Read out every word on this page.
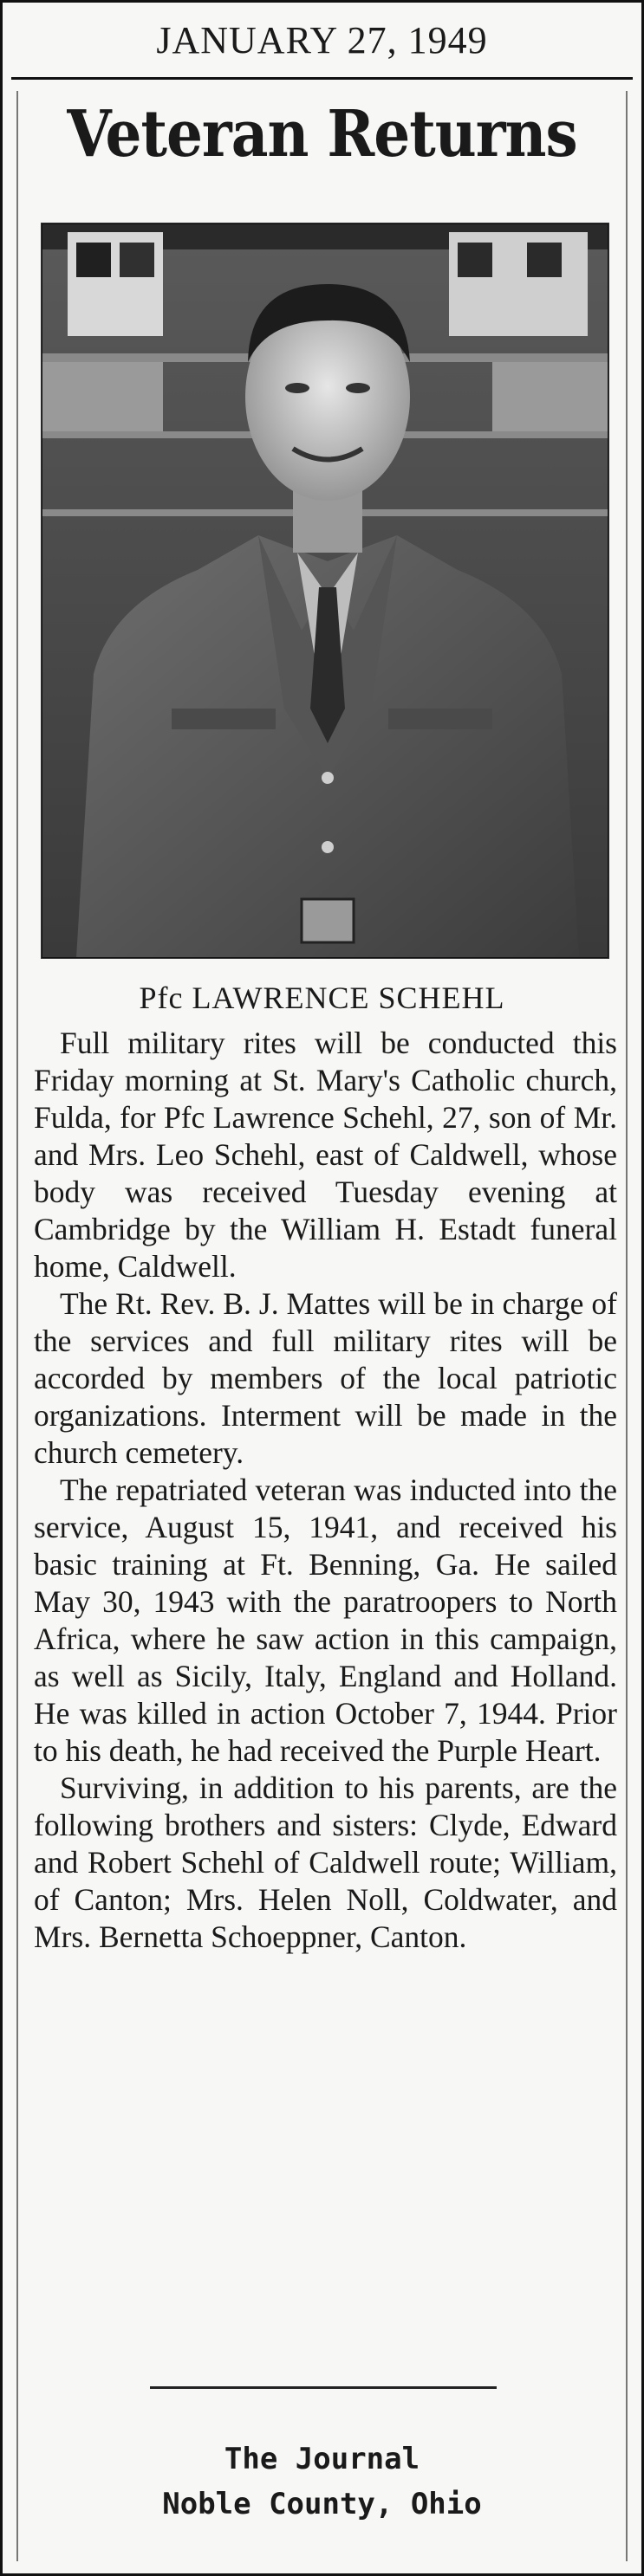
JANUARY 27, 1949
Veteran Returns
Pfc LAWRENCE SCHEHL

Full military rites will be conducted this Friday morning at St. Mary's Catholic church, Fulda, for Pfc Lawrence Schehl, 27, son of Mr. and Mrs. Leo Schehl, east of Caldwell, whose body was received Tuesday evening at Cambridge by the William H. Estadt funeral home, Caldwell.

The Rt. Rev. B. J. Mattes will be in charge of the services and full military rites will be accorded by members of the local patriotic organizations. Interment will be made in the church cemetery.

The repatriated veteran was inducted into the service, August 15, 1941, and received his basic training at Ft. Benning, Ga. He sailed May 30, 1943 with the paratroopers to North Africa, where he saw action in this campaign, as well as Sicily, Italy, England and Holland. He was killed in action October 7, 1944. Prior to his death, he had received the Purple Heart.

Surviving, in addition to his parents, are the following brothers and sisters: Clyde, Edward and Robert Schehl of Caldwell route; William, of Canton; Mrs. Helen Noll, Coldwater, and Mrs. Bernetta Schoeppner, Canton.

The Journal
Noble County, Ohio
